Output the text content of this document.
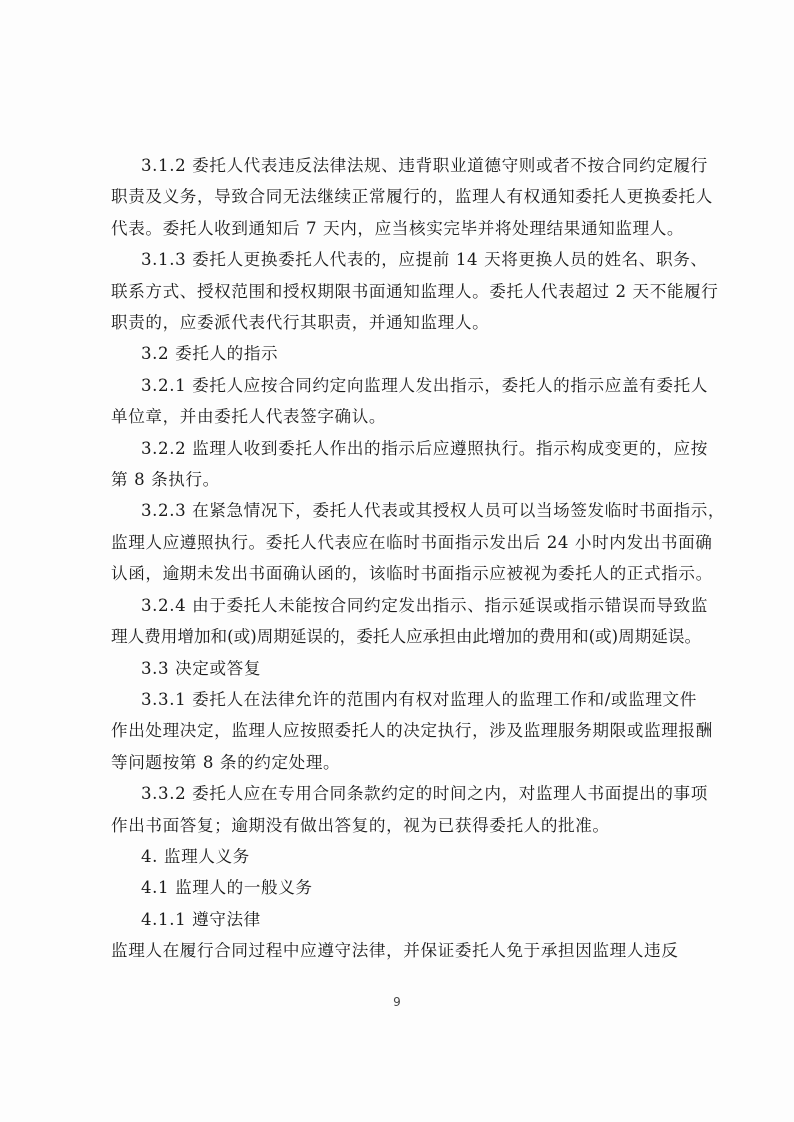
3.1.2 委托人代表违反法律法规、违背职业道德守则或者不按合同约定履行
职责及义务，导致合同无法继续正常履行的，监理人有权通知委托人更换委托人
代表。委托人收到通知后 7 天内，应当核实完毕并将处理结果通知监理人。

3.1.3 委托人更换委托人代表的，应提前 14 天将更换人员的姓名、职务、
联系方式、授权范围和授权期限书面通知监理人。委托人代表超过 2 天不能履行
职责的，应委派代表代行其职责，并通知监理人。

3.2 委托人的指示

3.2.1 委托人应按合同约定向监理人发出指示，委托人的指示应盖有委托人
单位章，并由委托人代表签字确认。

3.2.2 监理人收到委托人作出的指示后应遵照执行。指示构成变更的，应按
第 8 条执行。

3.2.3 在紧急情况下，委托人代表或其授权人员可以当场签发临时书面指示，
监理人应遵照执行。委托人代表应在临时书面指示发出后 24 小时内发出书面确
认函，逾期未发出书面确认函的，该临时书面指示应被视为委托人的正式指示。

3.2.4 由于委托人未能按合同约定发出指示、指示延误或指示错误而导致监
理人费用增加和(或)周期延误的，委托人应承担由此增加的费用和(或)周期延误。

3.3 决定或答复

3.3.1 委托人在法律允许的范围内有权对监理人的监理工作和/或监理文件
作出处理决定，监理人应按照委托人的决定执行，涉及监理服务期限或监理报酬
等问题按第 8 条的约定处理。

3.3.2 委托人应在专用合同条款约定的时间之内，对监理人书面提出的事项
作出书面答复；逾期没有做出答复的，视为已获得委托人的批准。

4. 监理人义务

4.1 监理人的一般义务

4.1.1 遵守法律

监理人在履行合同过程中应遵守法律，并保证委托人免于承担因监理人违反

9
